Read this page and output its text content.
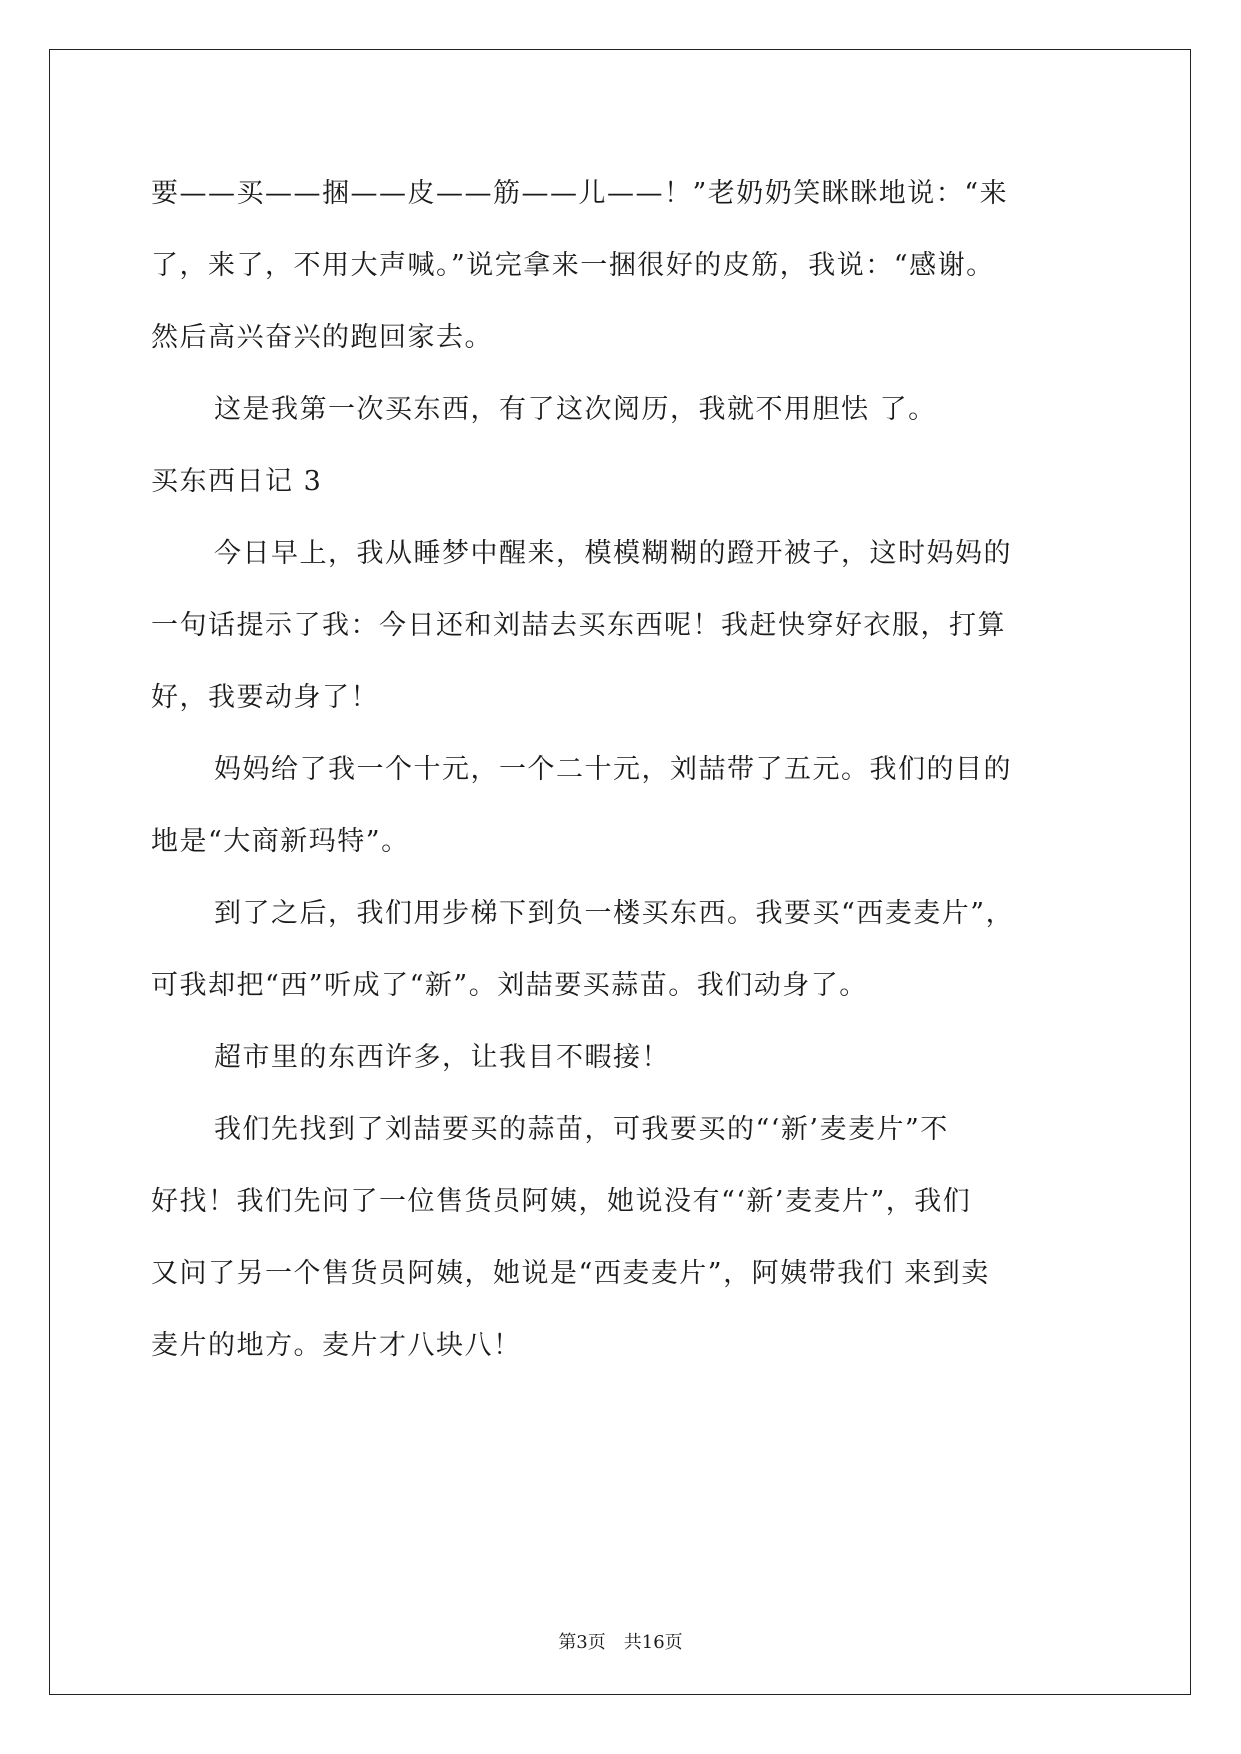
要——买——捆——皮——筋——儿——！”老奶奶笑眯眯地说：“来
了，来了，不用大声喊。”说完拿来一捆很好的皮筋，我说：“感谢。
然后高兴奋兴的跑回家去。
这是我第一次买东西，有了这次阅历，我就不用胆怯 了。
买东西日记 3
今日早上，我从睡梦中醒来，模模糊糊的蹬开被子，这时妈妈的
一句话提示了我：今日还和刘喆去买东西呢！我赶快穿好衣服，打算
好，我要动身了！
妈妈给了我一个十元，一个二十元，刘喆带了五元。我们的目的
地是“大商新玛特”。
到了之后，我们用步梯下到负一楼买东西。我要买“西麦麦片”，
可我却把“西”听成了“新”。刘喆要买蒜苗。我们动身了。
超市里的东西许多，让我目不暇接！
我们先找到了刘喆要买的蒜苗，可我要买的“‘新’麦麦片”不
好找！我们先问了一位售货员阿姨，她说没有“‘新’麦麦片”，我们
又问了另一个售货员阿姨，她说是“西麦麦片”，阿姨带我们 来到卖
麦片的地方。麦片才八块八！
第3页　共16页
